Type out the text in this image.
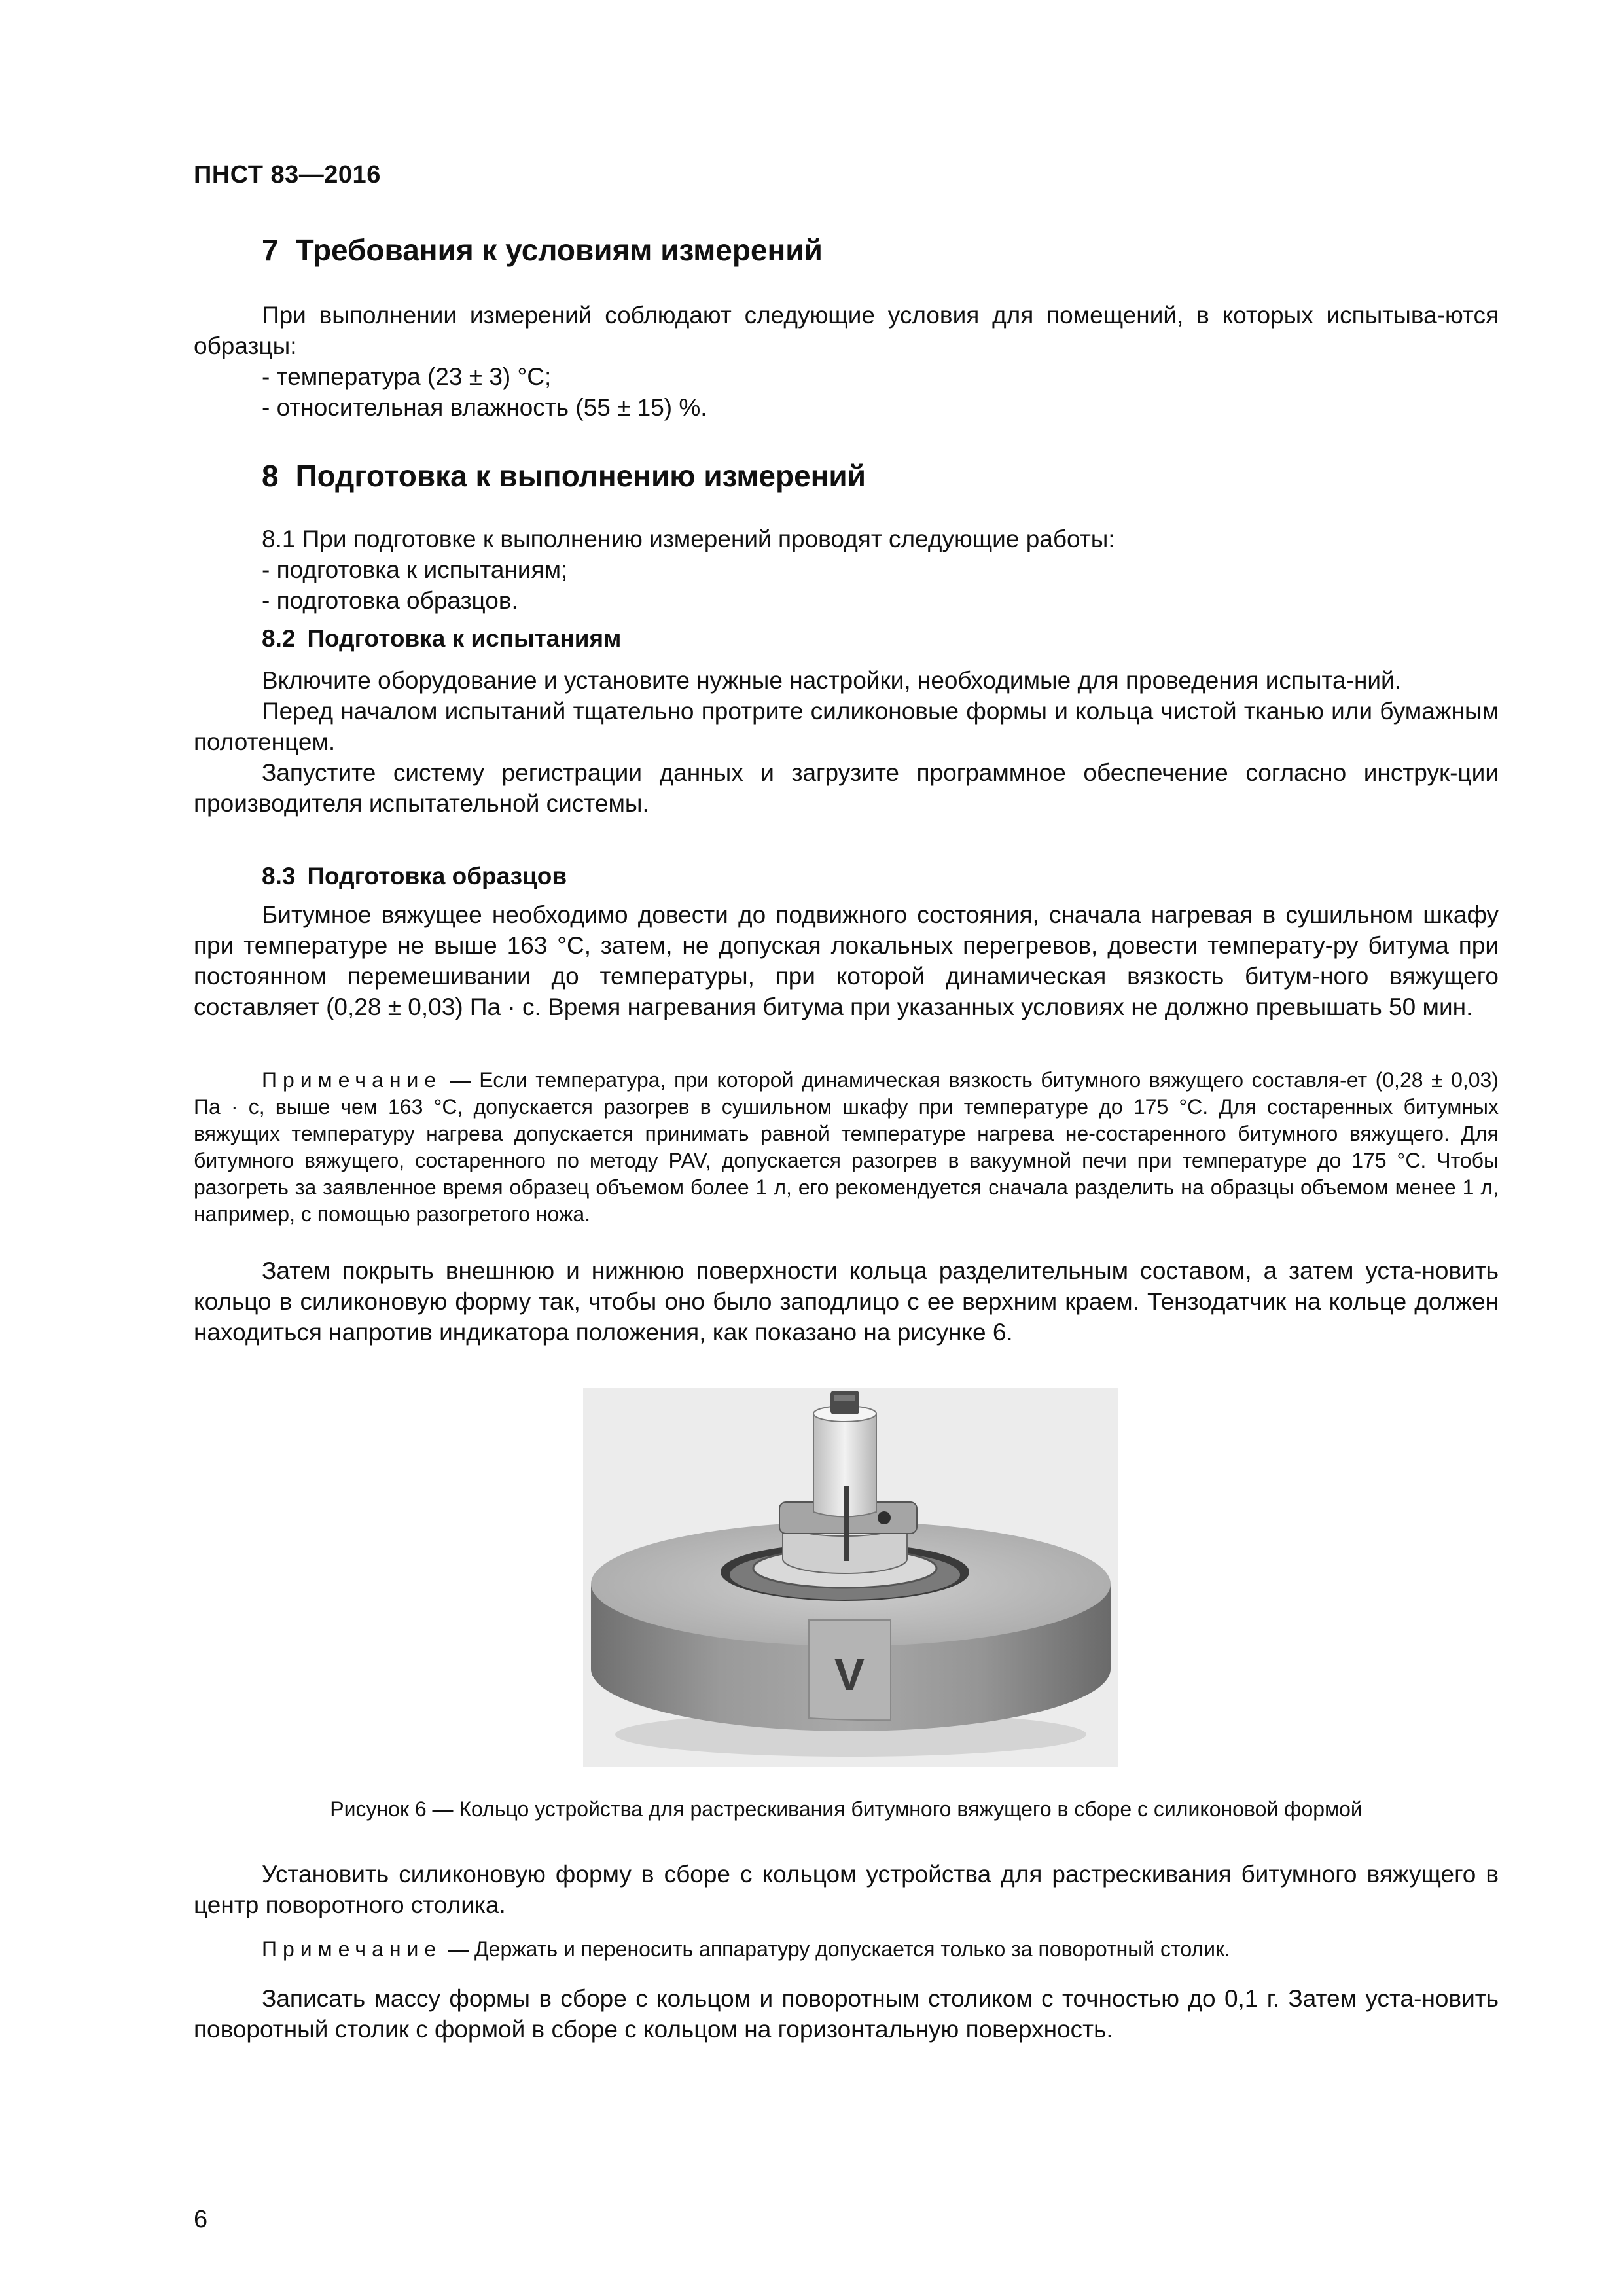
ПНСТ 83—2016
7 Требования к условиям измерений

При выполнении измерений соблюдают следующие условия для помещений, в которых испытыва-ются образцы:

- температура (23 ± 3) °С;
- относительная влажность (55 ± 15) %.
8 Подготовка к выполнению измерений
8.1 При подготовке к выполнению измерений проводят следующие работы:
- подготовка к испытаниям;
- подготовка образцов.
8.2 Подготовка к испытаниям

Включите оборудование и установите нужные настройки, необходимые для проведения испыта-ний.

Перед началом испытаний тщательно протрите силиконовые формы и кольца чистой тканью или бумажным полотенцем.

Запустите систему регистрации данных и загрузите программное обеспечение согласно инструк-ции производителя испытательной системы.

8.3 Подготовка образцов

Битумное вяжущее необходимо довести до подвижного состояния, сначала нагревая в сушильном шкафу при температуре не выше 163 °С, затем, не допуская локальных перегревов, довести температу-ру битума при постоянном перемешивании до температуры, при которой динамическая вязкость битум-ного вяжущего составляет (0,28 ± 0,03) Па · с. Время нагревания битума при указанных условиях не должно превышать 50 мин.

Примечание — Если температура, при которой динамическая вязкость битумного вяжущего составля-ет (0,28 ± 0,03) Па · с, выше чем 163 °С, допускается разогрев в сушильном шкафу при температуре до 175 °С. Для состаренных битумных вяжущих температуру нагрева допускается принимать равной температуре нагрева не-состаренного битумного вяжущего. Для битумного вяжущего, состаренного по методу PAV, допускается разогрев в вакуумной печи при температуре до 175 °С. Чтобы разогреть за заявленное время образец объемом более 1 л, его рекомендуется сначала разделить на образцы объемом менее 1 л, например, с помощью разогретого ножа.

Затем покрыть внешнюю и нижнюю поверхности кольца разделительным составом, а затем уста-новить кольцо в силиконовую форму так, чтобы оно было заподлицо с ее верхним краем. Тензодатчик на кольце должен находиться напротив индикатора положения, как показано на рисунке 6.

V
Рисунок 6 — Кольцо устройства для растрескивания битумного вяжущего в сборе с силиконовой формой

Установить силиконовую форму в сборе с кольцом устройства для растрескивания битумного вяжущего в центр поворотного столика.

Примечание — Держать и переносить аппаратуру допускается только за поворотный столик.

Записать массу формы в сборе с кольцом и поворотным столиком с точностью до 0,1 г. Затем уста-новить поворотный столик с формой в сборе с кольцом на горизонтальную поверхность.

6
